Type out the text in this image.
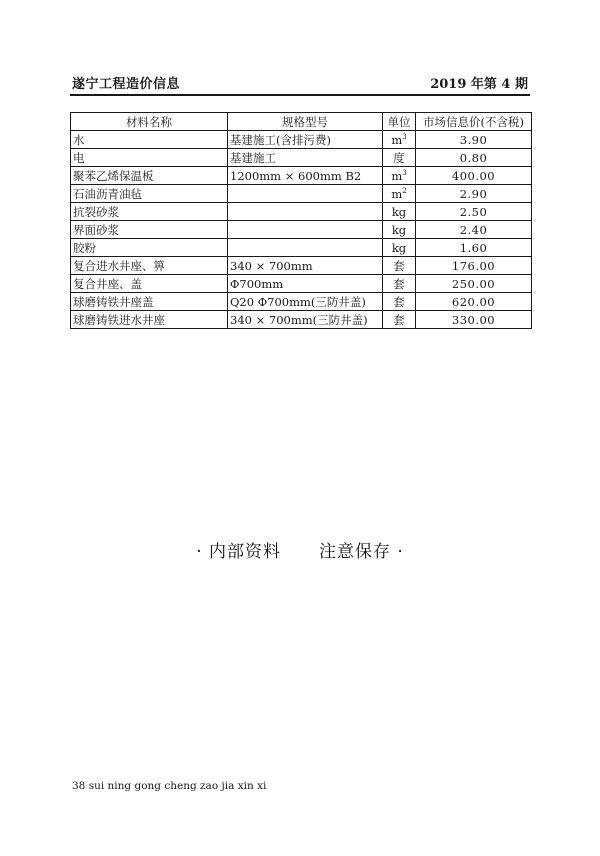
遂宁工程造价信息	2019 年第 4 期
材料名称	规格型号	单位	市场信息价(不含税)
水	基建施工(含排污费)	$m^3$	3.90
电	基建施工	度	0.80
聚苯乙烯保温板	1200mm × 600mm B2	$m^3$	400.00
石油沥青油毡		$m^2$	2.90
抗裂砂浆		kg	2.50
界面砂浆		kg	2.40
胶粉		kg	1.60
复合进水井座、箅	340 × 700mm	套	176.00
复合井座、盖	Φ700mm	套	250.00
球磨铸铁井座盖	Q20 Φ700mm(三防井盖)	套	620.00
球磨铸铁进水井座	340 × 700mm(三防井盖)	套	330.00
· 内部资料 注意保存 ·
38 sui ning gong cheng zao jia xin xi
